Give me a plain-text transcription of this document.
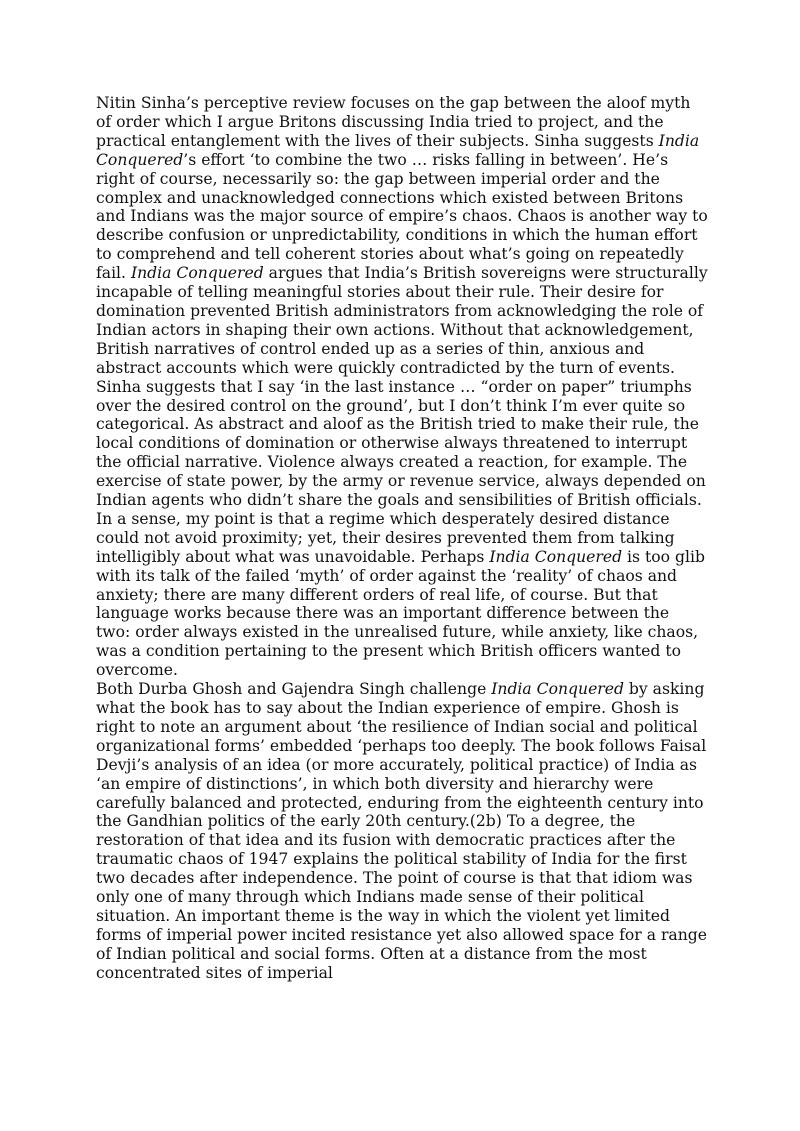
Nitin Sinha’s perceptive review focuses on the gap between the aloof myth of order which I argue Britons discussing India tried to project, and the practical entanglement with the lives of their subjects. Sinha suggests India Conquered’s effort ‘to combine the two … risks falling in between’. He’s right of course, necessarily so: the gap between imperial order and the complex and unacknowledged connections which existed between Britons and Indians was the major source of empire’s chaos. Chaos is another way to describe confusion or unpredictability, conditions in which the human effort to comprehend and tell coherent stories about what’s going on repeatedly fail. India Conquered argues that India’s British sovereigns were structurally incapable of telling meaningful stories about their rule. Their desire for domination prevented British administrators from acknowledging the role of Indian actors in shaping their own actions. Without that acknowledgement, British narratives of control ended up as a series of thin, anxious and abstract accounts which were quickly contradicted by the turn of events. Sinha suggests that I say ‘in the last instance … “order on paper” triumphs over the desired control on the ground’, but I don’t think I’m ever quite so categorical. As abstract and aloof as the British tried to make their rule, the local conditions of domination or otherwise always threatened to interrupt the official narrative. Violence always created a reaction, for example. The exercise of state power, by the army or revenue service, always depended on Indian agents who didn’t share the goals and sensibilities of British officials. In a sense, my point is that a regime which desperately desired distance could not avoid proximity; yet, their desires prevented them from talking intelligibly about what was unavoidable. Perhaps India Conquered is too glib with its talk of the failed ‘myth’ of order against the ‘reality’ of chaos and anxiety; there are many different orders of real life, of course. But that language works because there was an important difference between the two: order always existed in the unrealised future, while anxiety, like chaos, was a condition pertaining to the present which British officers wanted to overcome.

Both Durba Ghosh and Gajendra Singh challenge India Conquered by asking what the book has to say about the Indian experience of empire. Ghosh is right to note an argument about ‘the resilience of Indian social and political organizational forms’ embedded ‘perhaps too deeply. The book follows Faisal Devji’s analysis of an idea (or more accurately, political practice) of India as ‘an empire of distinctions’, in which both diversity and hierarchy were carefully balanced and protected, enduring from the eighteenth century into the Gandhian politics of the early 20th century.(2b) To a degree, the restoration of that idea and its fusion with democratic practices after the traumatic chaos of 1947 explains the political stability of India for the first two decades after independence. The point of course is that that idiom was only one of many through which Indians made sense of their political situation. An important theme is the way in which the violent yet limited forms of imperial power incited resistance yet also allowed space for a range of Indian political and social forms. Often at a distance from the most concentrated sites of imperial
